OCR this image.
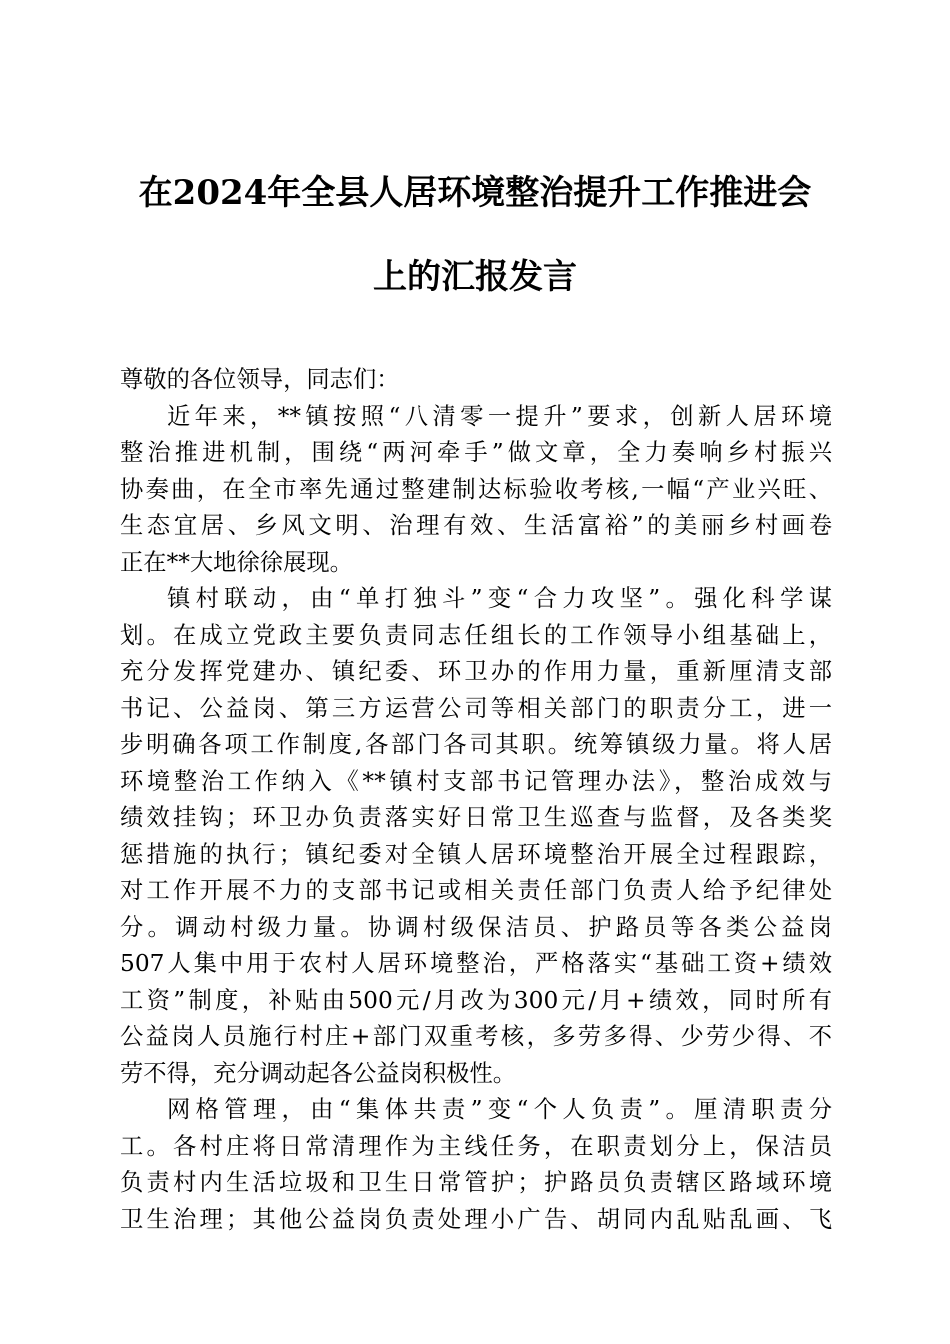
在2024年全县人居环境整治提升工作推进会
上的汇报发言
尊敬的各位领导，同志们：
近年来，**镇按照“八清零一提升”要求，创新人居环境
整治推进机制，围绕“两河牵手”做文章，全力奏响乡村振兴
协奏曲，在全市率先通过整建制达标验收考核,一幅“产业兴旺、
生态宜居、乡风文明、治理有效、生活富裕”的美丽乡村画卷
正在**大地徐徐展现。
镇村联动，由“单打独斗”变“合力攻坚”。强化科学谋
划。在成立党政主要负责同志任组长的工作领导小组基础上，
充分发挥党建办、镇纪委、环卫办的作用力量，重新厘清支部
书记、公益岗、第三方运营公司等相关部门的职责分工，进一
步明确各项工作制度,各部门各司其职。统筹镇级力量。将人居
环境整治工作纳入《**镇村支部书记管理办法》，整治成效与
绩效挂钩；环卫办负责落实好日常卫生巡查与监督，及各类奖
惩措施的执行；镇纪委对全镇人居环境整治开展全过程跟踪，
对工作开展不力的支部书记或相关责任部门负责人给予纪律处
分。调动村级力量。协调村级保洁员、护路员等各类公益岗
507人集中用于农村人居环境整治，严格落实“基础工资+绩效
工资”制度，补贴由500元/月改为300元/月+绩效，同时所有
公益岗人员施行村庄+部门双重考核，多劳多得、少劳少得、不
劳不得，充分调动起各公益岗积极性。
网格管理，由“集体共责”变“个人负责”。厘清职责分
工。各村庄将日常清理作为主线任务，在职责划分上，保洁员
负责村内生活垃圾和卫生日常管护；护路员负责辖区路域环境
卫生治理；其他公益岗负责处理小广告、胡同内乱贴乱画、飞
